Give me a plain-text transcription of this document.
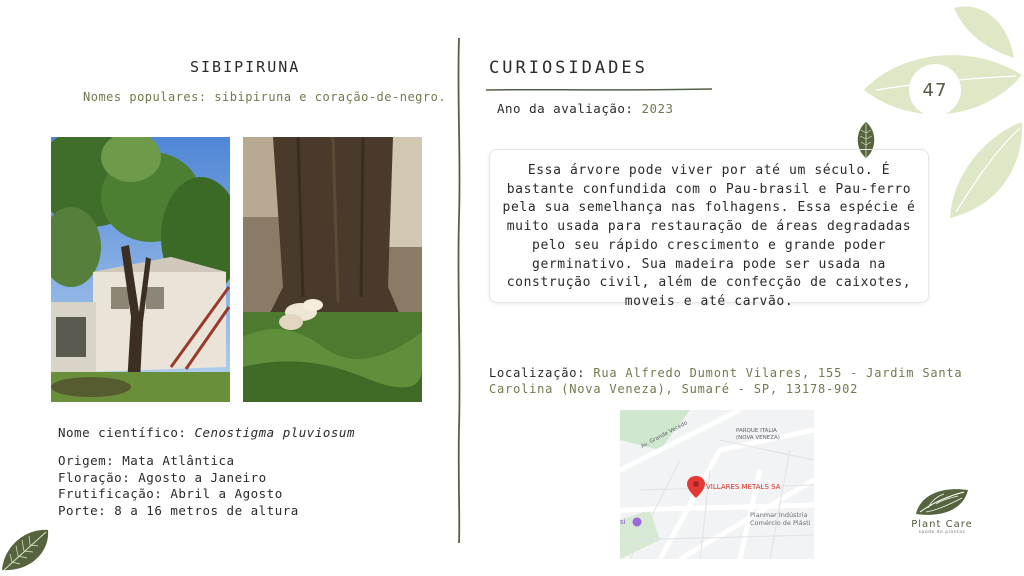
SIBIPIRUNA
Nomes populares: sibipiruna e coração-de-negro.
Nome científico: Cenostigma pluviosum
Origem: Mata Atlântica
Floração: Agosto a Janeiro
Frutificação: Abril a Agosto
Porte: 8 a 16 metros de altura
CURIOSIDADES
Ano da avaliação: 2023

Essa árvore pode viver por até um século. É bastante confundida com o Pau-brasil e Pau-ferro pela sua semelhança nas folhagens. Essa espécie é muito usada para restauração de áreas degradadas pelo seu rápido crescimento e grande poder germinativo. Sua madeira pode ser usada na construção civil, além de confecção de caixotes, moveis e até carvão.

Localização: Rua Alfredo Dumont Vilares, 155 - Jardim Santa Carolina (Nova Veneza), Sumaré - SP, 13178-902
Av. Grande Vecedo	PARQUE ITALIA
(NOVA VENEZA)
VILLARES METALS SA
Planmar Indústria
Comércio de Plásti
si
47
Plant Care
saúde de plantas
